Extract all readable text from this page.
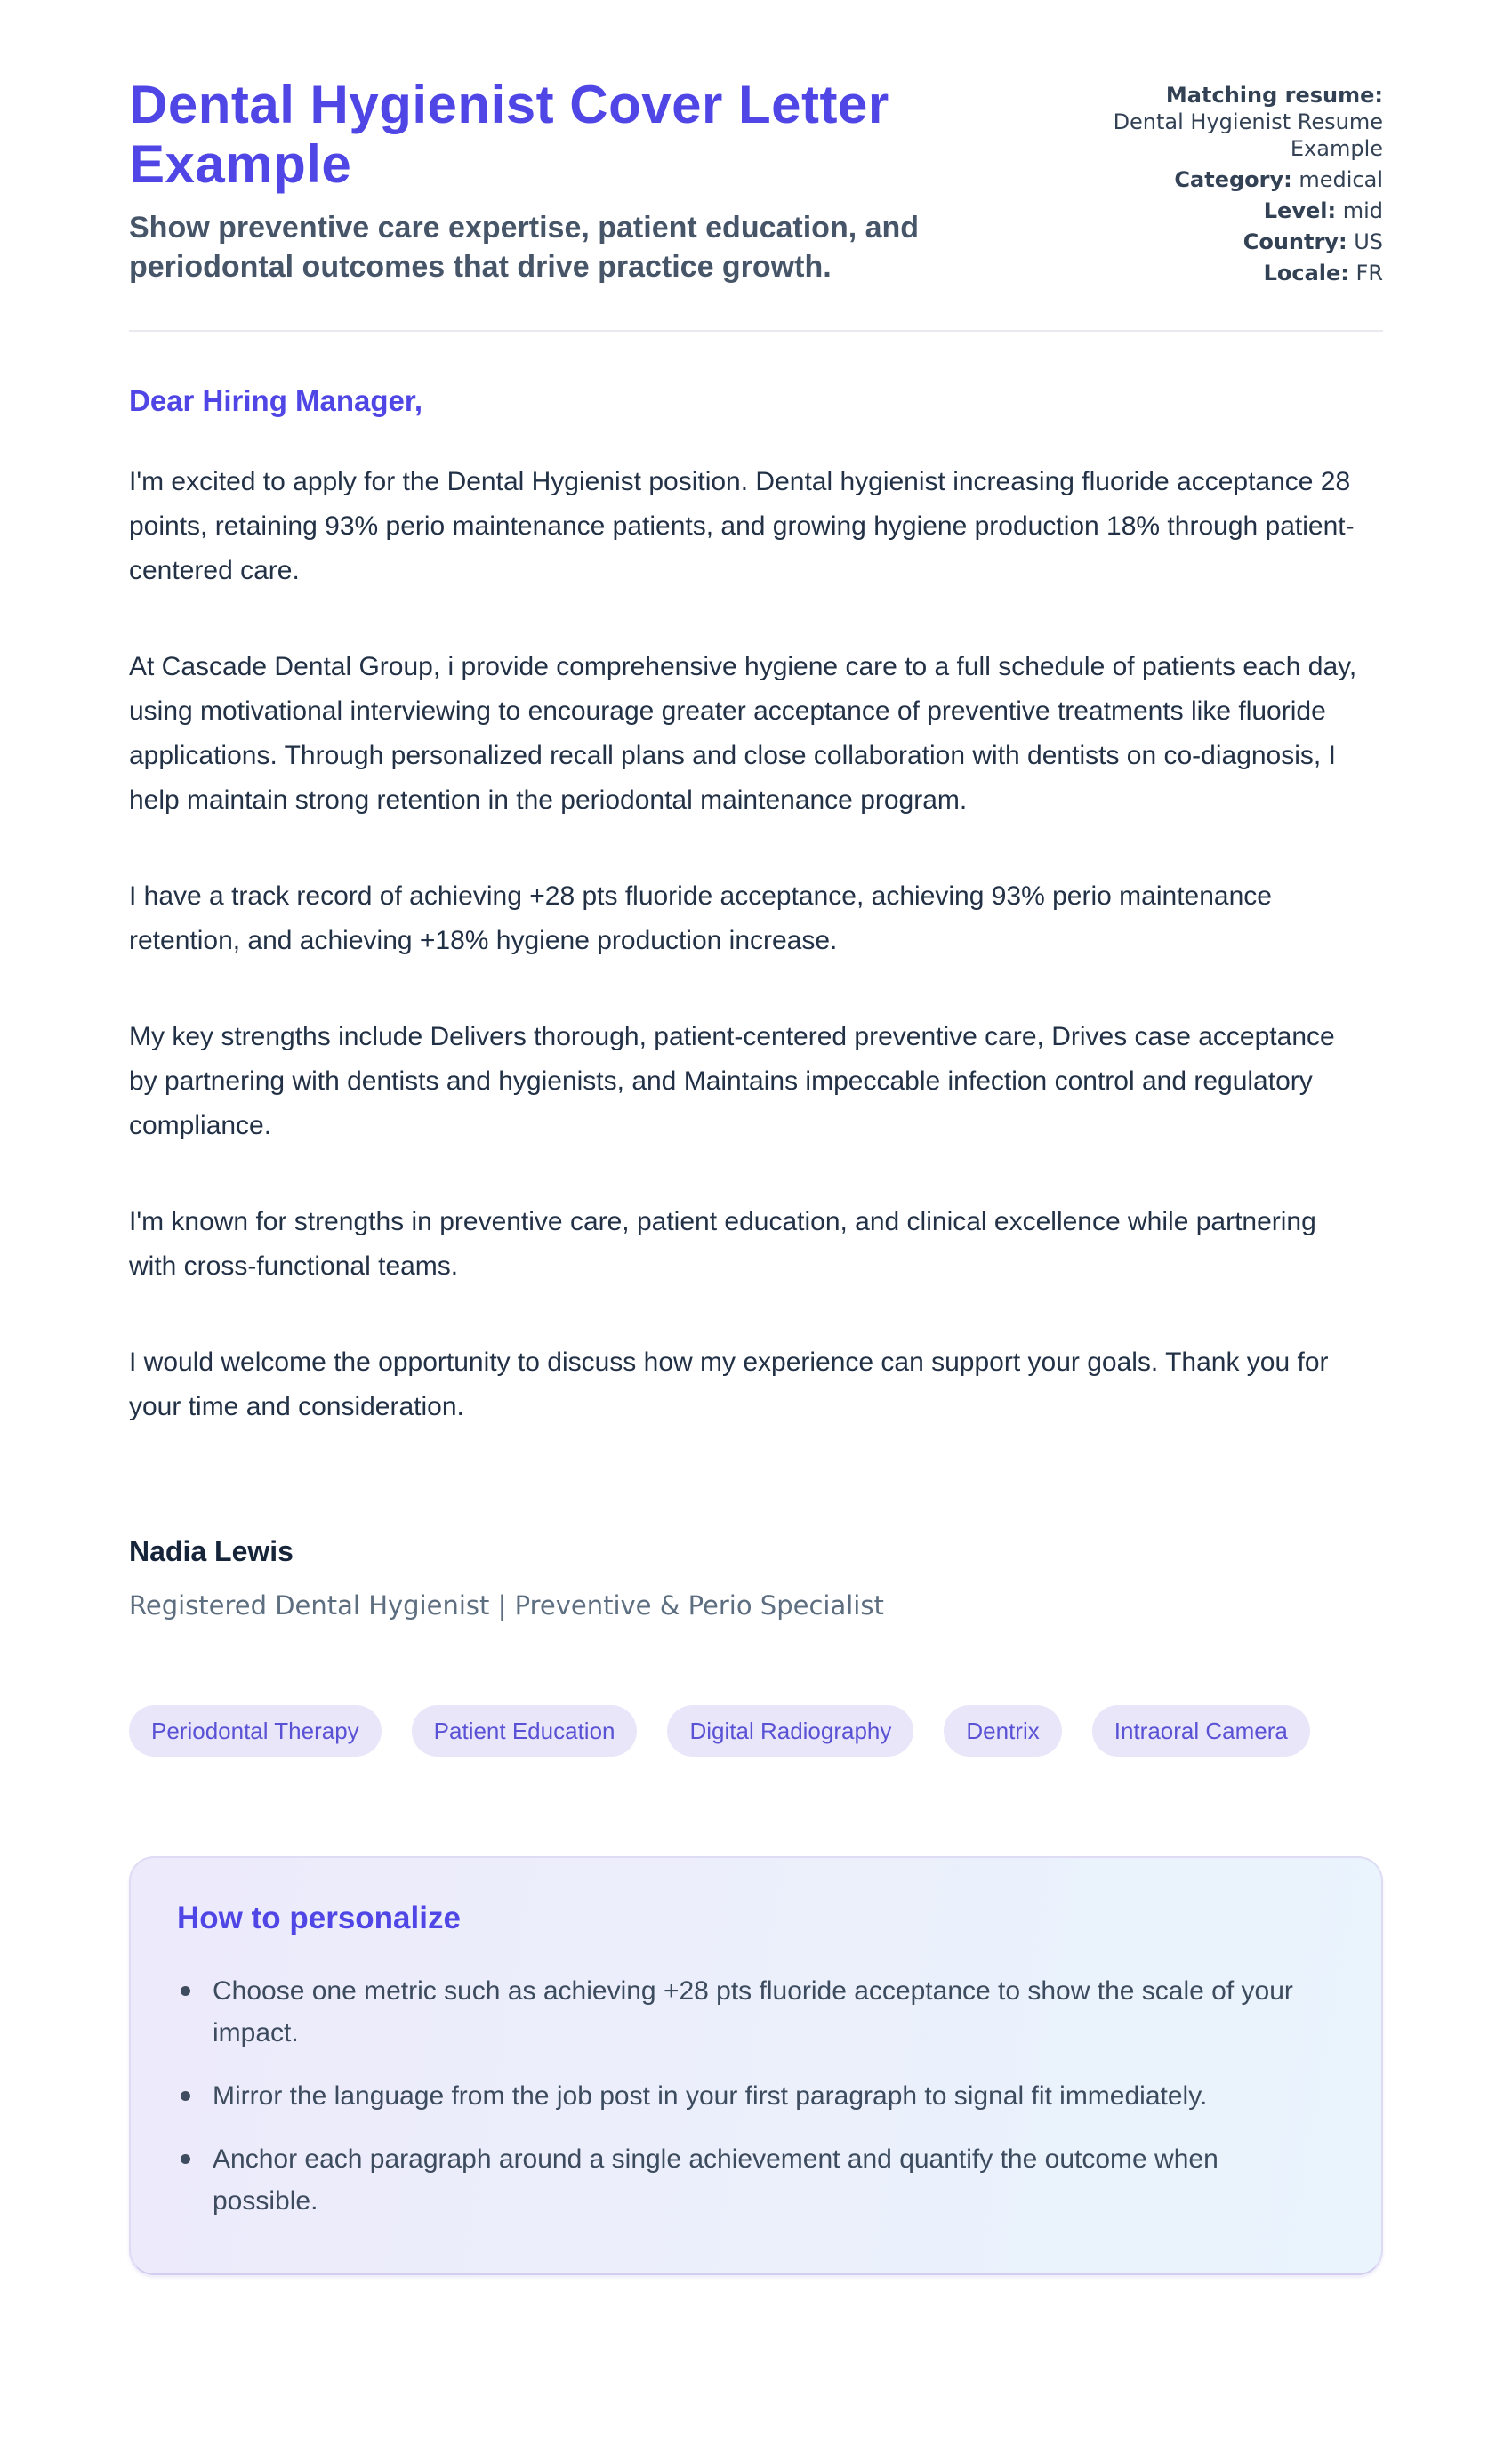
Dental Hygienist Cover Letter Example
Show preventive care expertise, patient education, and periodontal outcomes that drive practice growth.
Matching resume:
Dental Hygienist Resume Example
Category: medical
Level: mid
Country: US
Locale: FR
Dear Hiring Manager,

I'm excited to apply for the Dental Hygienist position. Dental hygienist increasing fluoride acceptance 28 points, retaining 93% perio maintenance patients, and growing hygiene production 18% through patient-centered care.

At Cascade Dental Group, i provide comprehensive hygiene care to a full schedule of patients each day, using motivational interviewing to encourage greater acceptance of preventive treatments like fluoride applications. Through personalized recall plans and close collaboration with dentists on co-diagnosis, I help maintain strong retention in the periodontal maintenance program.

I have a track record of achieving +28 pts fluoride acceptance, achieving 93% perio maintenance retention, and achieving +18% hygiene production increase.

My key strengths include Delivers thorough, patient-centered preventive care, Drives case acceptance by partnering with dentists and hygienists, and Maintains impeccable infection control and regulatory compliance.

I'm known for strengths in preventive care, patient education, and clinical excellence while partnering with cross-functional teams.

I would welcome the opportunity to discuss how my experience can support your goals. Thank you for your time and consideration.

Nadia Lewis
Registered Dental Hygienist | Preventive & Perio Specialist
Periodontal Therapy	Patient Education	Digital Radiography	Dentrix	Intraoral Camera
How to personalize
Choose one metric such as achieving +28 pts fluoride acceptance to show the scale of your impact.
Mirror the language from the job post in your first paragraph to signal fit immediately.
Anchor each paragraph around a single achievement and quantify the outcome when possible.
